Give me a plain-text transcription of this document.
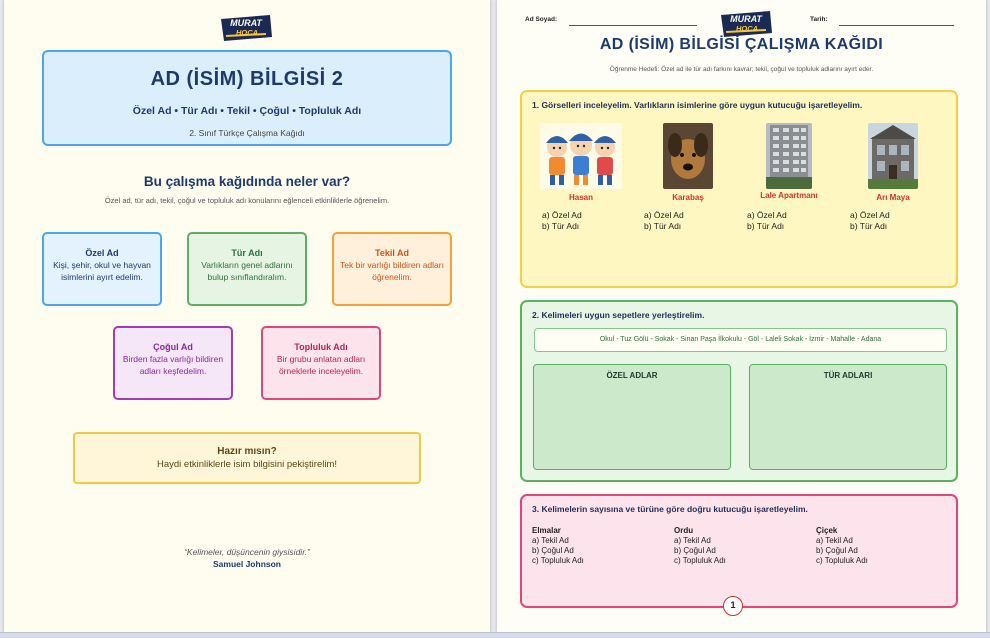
MURAT
HOCA
AD (İSİM) BİLGİSİ 2
Özel Ad • Tür Adı • Tekil • Çoğul • Topluluk Adı
2. Sınıf Türkçe Çalışma Kağıdı
Bu çalışma kağıdında neler var?
Özel ad, tür adı, tekil, çoğul ve topluluk adı konularını eğlenceli etkinliklerle öğrenelim.
Özel Ad
Kişi, şehir, okul ve hayvan isimlerini ayırt edelim.
Tür Adı
Varlıkların genel adlarını bulup sınıflandıralım.
Tekil Ad
Tek bir varlığı bildiren adları öğrenelim.
Çoğul Ad
Birden fazla varlığı bildiren adları keşfedelim.
Topluluk Adı
Bir grubu anlatan adları örneklerle inceleyelim.
Hazır mısın?
Haydi etkinliklerle isim bilgisini pekiştirelim!
“Kelimeler, düşüncenin giysisidir.”
Samuel Johnson
Ad Soyad:	Tarih:
MURAT
HOCA
AD (İSİM) BİLGİSİ ÇALIŞMA KAĞIDI
Öğrenme Hedefi: Özel ad ile tür adı farkını kavrar; tekil, çoğul ve topluluk adlarını ayırt eder.
1. Görselleri inceleyelim. Varlıkların isimlerine göre uygun kutucuğu işaretleyelim.
Hasan
a) Özel Ad
b) Tür Adı
Karabaş
a) Özel Ad
b) Tür Adı
Lale Apartmanı
a) Özel Ad
b) Tür Adı
Arı Maya
a) Özel Ad
b) Tür Adı
2. Kelimeleri uygun sepetlere yerleştirelim.
Okul - Tuz Gölü - Sokak - Sinan Paşa İlkokulu - Göl - Laleli Sokak - İzmir - Mahalle - Adana
ÖZEL ADLAR	TÜR ADLARI
3. Kelimelerin sayısına ve türüne göre doğru kutucuğu işaretleyelim.
Elmalar
a) Tekil Ad
b) Çoğul Ad
c) Topluluk Adı
Ordu
a) Tekil Ad
b) Çoğul Ad
c) Topluluk Adı
Çiçek
a) Tekil Ad
b) Çoğul Ad
c) Topluluk Adı
1
